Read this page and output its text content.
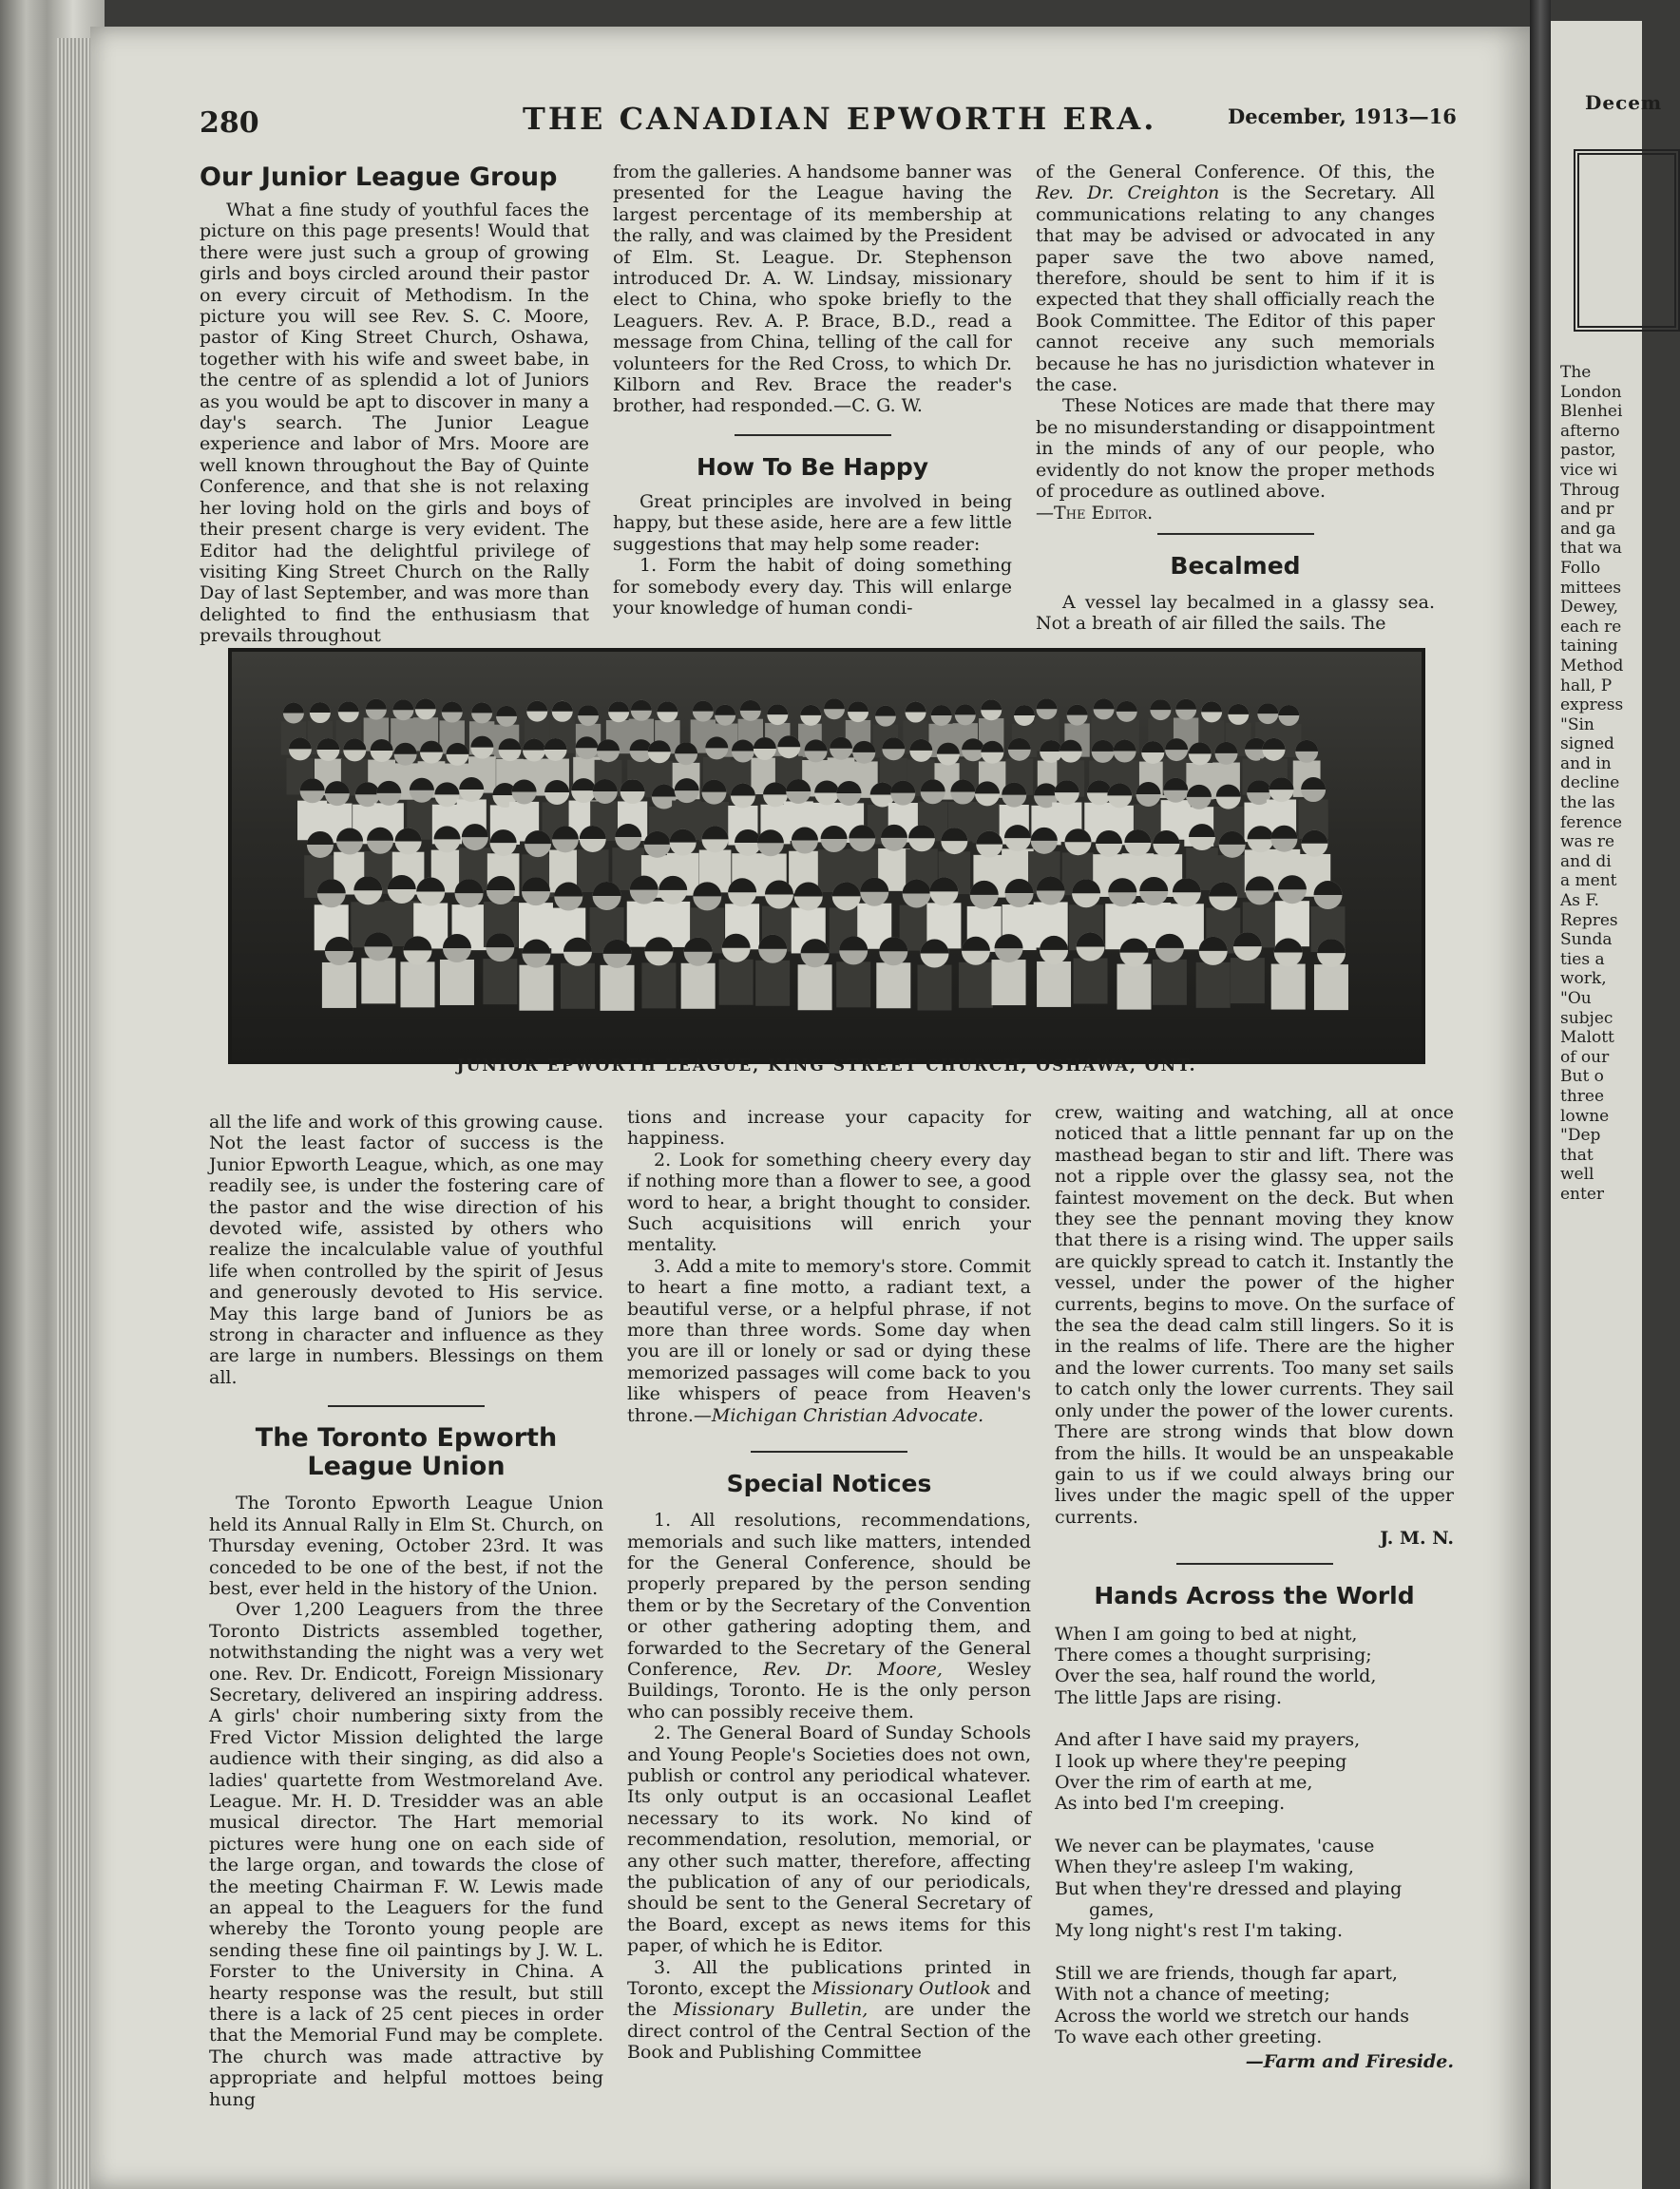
Decem
The
London
Blenhei
afterno
pastor,
vice wi
Throug
and pr
and ga
that wa
Follo
mittees
Dewey,
each re
taining
Method
hall, P
express
"Sin
signed
and in
decline
the las
ference
was re
and di
a ment
As F.
Repres
Sunda
ties a
work,
"Ou
subjec
Malott
of our
But o
three
lowne
"Dep
that
well
enter
280	THE CANADIAN EPWORTH ERA.	December, 1913—16
Our Junior League Group

What a fine study of youthful faces the picture on this page presents! Would that there were just such a group of growing girls and boys circled around their pastor on every circuit of Methodism. In the picture you will see Rev. S. C. Moore, pastor of King Street Church, Oshawa, together with his wife and sweet babe, in the centre of as splendid a lot of Juniors as you would be apt to discover in many a day's search. The Junior League experience and labor of Mrs. Moore are well known throughout the Bay of Quinte Conference, and that she is not relaxing her loving hold on the girls and boys of their present charge is very evident. The Editor had the delightful privilege of visiting King Street Church on the Rally Day of last September, and was more than delighted to find the enthusiasm that prevails throughout

from the galleries. A handsome banner was presented for the League having the largest percentage of its membership at the rally, and was claimed by the President of Elm. St. League. Dr. Stephenson introduced Dr. A. W. Lindsay, missionary elect to China, who spoke briefly to the Leaguers. Rev. A. P. Brace, B.D., read a message from China, telling of the call for volunteers for the Red Cross, to which Dr. Kilborn and Rev. Brace the reader's brother, had responded.—C. G. W.

How To Be Happy

Great principles are involved in being happy, but these aside, here are a few little suggestions that may help some reader:

1. Form the habit of doing something for somebody every day. This will enlarge your knowledge of human condi-

of the General Conference. Of this, the Rev. Dr. Creighton is the Secretary. All communications relating to any changes that may be advised or advocated in any paper save the two above named, therefore, should be sent to him if it is expected that they shall officially reach the Book Committee. The Editor of this paper cannot receive any such memorials because he has no jurisdiction whatever in the case.

These Notices are made that there may be no misunderstanding or disappointment in the minds of any of our people, who evidently do not know the proper methods of procedure as outlined above.

—The Editor.

Becalmed

A vessel lay becalmed in a glassy sea. Not a breath of air filled the sails. The

JUNIOR EPWORTH LEAGUE, KING STREET CHURCH, OSHAWA, ONT.

all the life and work of this growing cause. Not the least factor of success is the Junior Epworth League, which, as one may readily see, is under the fostering care of the pastor and the wise direction of his devoted wife, assisted by others who realize the incalculable value of youthful life when controlled by the spirit of Jesus and generously devoted to His service. May this large band of Juniors be as strong in character and influence as they are large in numbers. Blessings on them all.

The Toronto Epworth League Union

The Toronto Epworth League Union held its Annual Rally in Elm St. Church, on Thursday evening, October 23rd. It was conceded to be one of the best, if not the best, ever held in the history of the Union.

Over 1,200 Leaguers from the three Toronto Districts assembled together, notwithstanding the night was a very wet one. Rev. Dr. Endicott, Foreign Missionary Secretary, delivered an inspiring address. A girls' choir numbering sixty from the Fred Victor Mission delighted the large audience with their singing, as did also a ladies' quartette from Westmoreland Ave. League. Mr. H. D. Tresidder was an able musical director. The Hart memorial pictures were hung one on each side of the large organ, and towards the close of the meeting Chairman F. W. Lewis made an appeal to the Leaguers for the fund whereby the Toronto young people are sending these fine oil paintings by J. W. L. Forster to the University in China. A hearty response was the result, but still there is a lack of 25 cent pieces in order that the Memorial Fund may be complete. The church was made attractive by appropriate and helpful mottoes being hung

tions and increase your capacity for happiness.

2. Look for something cheery every day if nothing more than a flower to see, a good word to hear, a bright thought to consider. Such acquisitions will enrich your mentality.

3. Add a mite to memory's store. Commit to heart a fine motto, a radiant text, a beautiful verse, or a helpful phrase, if not more than three words. Some day when you are ill or lonely or sad or dying these memorized passages will come back to you like whispers of peace from Heaven's throne.—Michigan Christian Advocate.

Special Notices

1. All resolutions, recommendations, memorials and such like matters, intended for the General Conference, should be properly prepared by the person sending them or by the Secretary of the Convention or other gathering adopting them, and forwarded to the Secretary of the General Conference, Rev. Dr. Moore, Wesley Buildings, Toronto. He is the only person who can possibly receive them.

2. The General Board of Sunday Schools and Young People's Societies does not own, publish or control any periodical whatever. Its only output is an occasional Leaflet necessary to its work. No kind of recommendation, resolution, memorial, or any other such matter, therefore, affecting the publication of any of our periodicals, should be sent to the General Secretary of the Board, except as news items for this paper, of which he is Editor.

3. All the publications printed in Toronto, except the Missionary Outlook and the Missionary Bulletin, are under the direct control of the Central Section of the Book and Publishing Committee

crew, waiting and watching, all at once noticed that a little pennant far up on the masthead began to stir and lift. There was not a ripple over the glassy sea, not the faintest movement on the deck. But when they see the pennant moving they know that there is a rising wind. The upper sails are quickly spread to catch it. Instantly the vessel, under the power of the higher currents, begins to move. On the surface of the sea the dead calm still lingers. So it is in the realms of life. There are the higher and the lower currents. Too many set sails to catch only the lower currents. They sail only under the power of the lower curents. There are strong winds that blow down from the hills. It would be an unspeakable gain to us if we could always bring our lives under the magic spell of the upper currents.

J. M. N.

Hands Across the World
When I am going to bed at night,
There comes a thought surprising;
Over the sea, half round the world,
The little Japs are rising.
And after I have said my prayers,
I look up where they're peeping
Over the rim of earth at me,
As into bed I'm creeping.
We never can be playmates, 'cause
When they're asleep I'm waking,
But when they're dressed and playing
games,
My long night's rest I'm taking.
Still we are friends, though far apart,
With not a chance of meeting;
Across the world we stretch our hands
To wave each other greeting.
—Farm and Fireside.
